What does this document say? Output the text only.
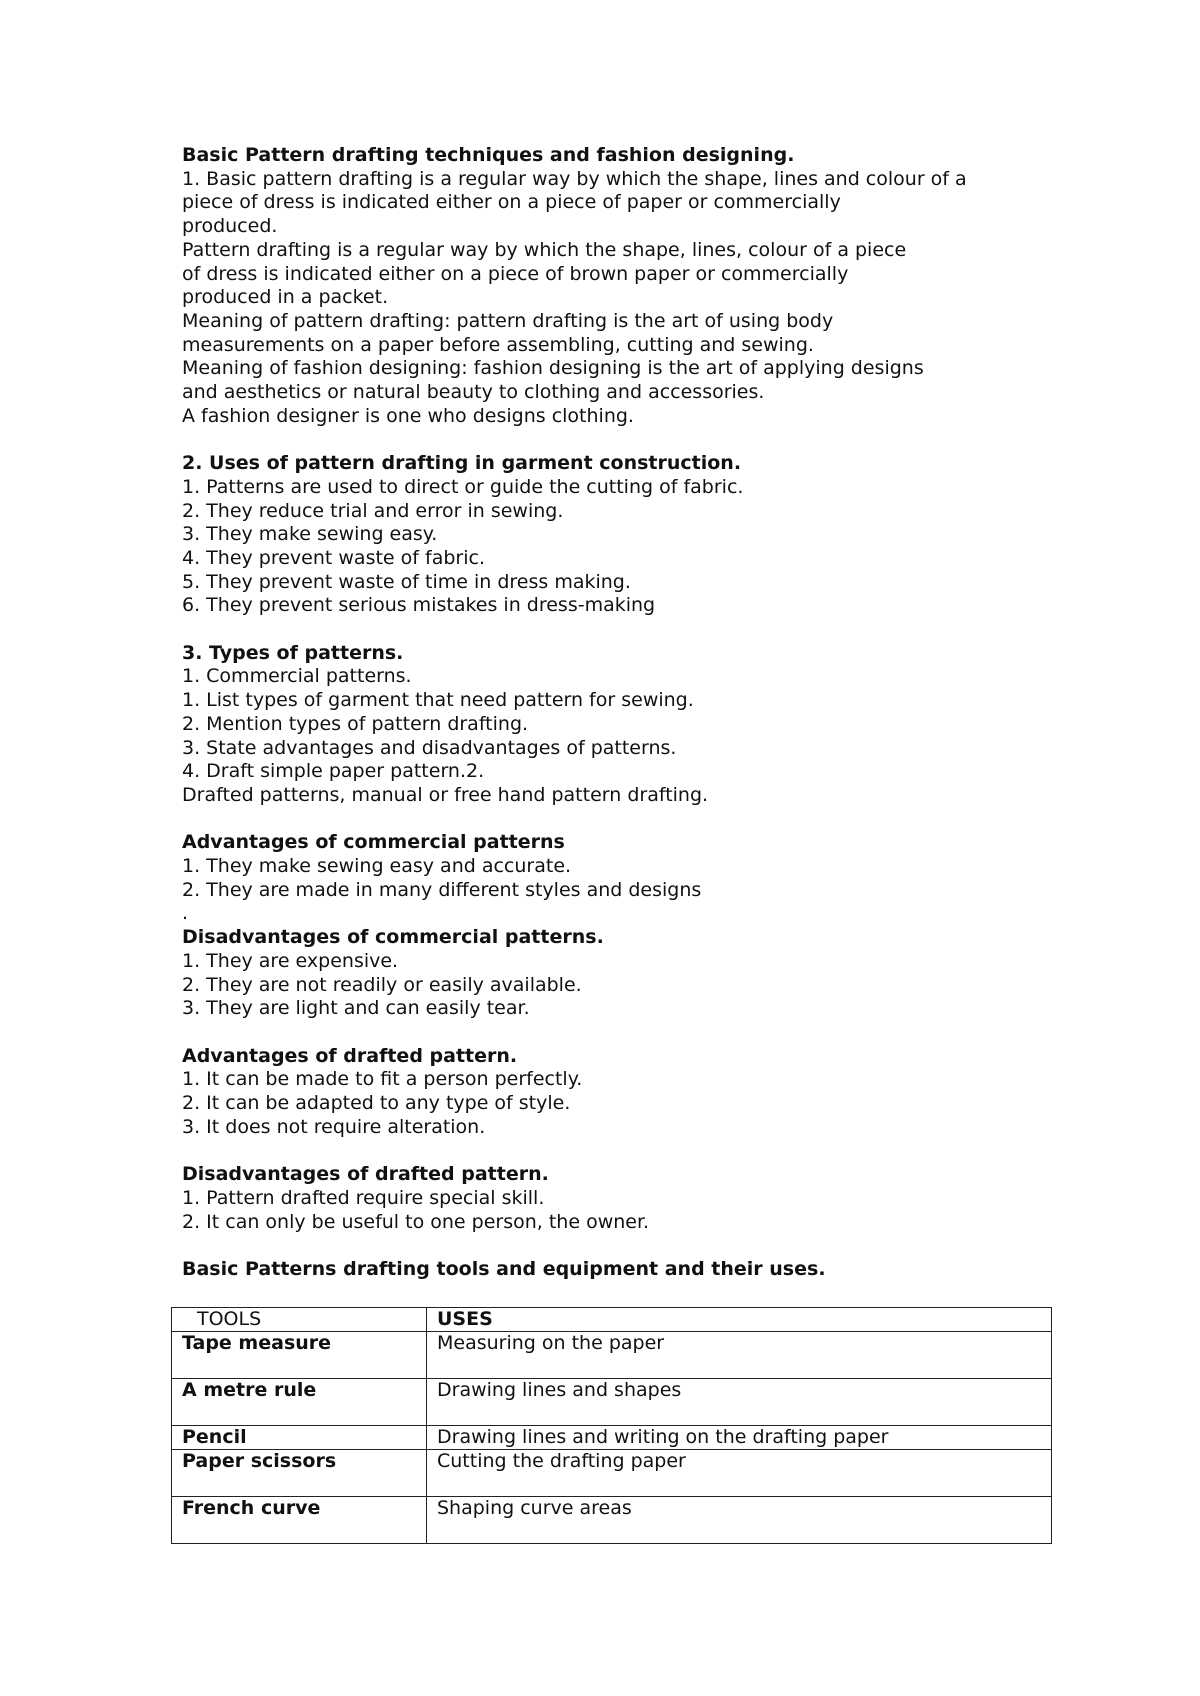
Basic Pattern drafting techniques and fashion designing.

1. Basic pattern drafting is a regular way by which the shape, lines and colour of a

piece of dress is indicated either on a piece of paper or commercially

produced.

Pattern drafting is a regular way by which the shape, lines, colour of a piece

of dress is indicated either on a piece of brown paper or commercially

produced in a packet.

Meaning of pattern drafting: pattern drafting is the art of using body

measurements on a paper before assembling, cutting and sewing.

Meaning of fashion designing: fashion designing is the art of applying designs

and aesthetics or natural beauty to clothing and accessories.

A fashion designer is one who designs clothing.

2. Uses of pattern drafting in garment construction.

1. Patterns are used to direct or guide the cutting of fabric.

2. They reduce trial and error in sewing.

3. They make sewing easy.

4. They prevent waste of fabric.

5. They prevent waste of time in dress making.

6. They prevent serious mistakes in dress-making

3. Types of patterns.

1. Commercial patterns.

1. List types of garment that need pattern for sewing.

2. Mention types of pattern drafting.

3. State advantages and disadvantages of patterns.

4. Draft simple paper pattern.2.

Drafted patterns, manual or free hand pattern drafting.

Advantages of commercial patterns

1. They make sewing easy and accurate.

2. They are made in many different styles and designs

.

Disadvantages of commercial patterns.

1. They are expensive.

2. They are not readily or easily available.

3. They are light and can easily tear.

Advantages of drafted pattern.

1. It can be made to fit a person perfectly.

2. It can be adapted to any type of style.

3. It does not require alteration.

Disadvantages of drafted pattern.

1. Pattern drafted require special skill.

2. It can only be useful to one person, the owner.

Basic Patterns drafting tools and equipment and their uses.

TOOLS	USES
Tape measure	Measuring on the paper
A metre rule	Drawing lines and shapes
Pencil	Drawing lines and writing on the drafting paper
Paper scissors	Cutting the drafting paper
French curve	Shaping curve areas
